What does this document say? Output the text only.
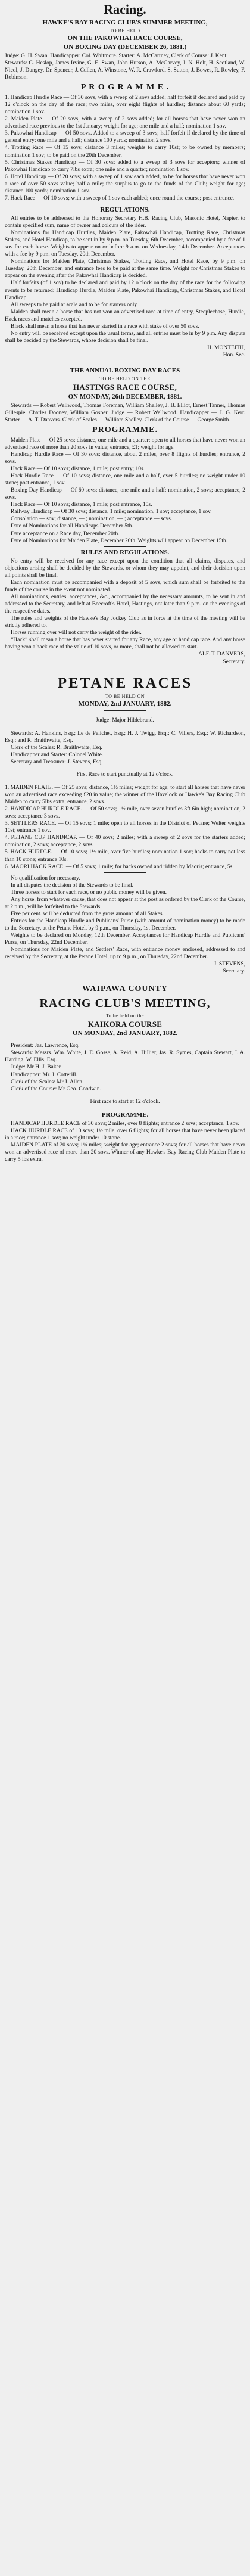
Racing.
HAWKE'S BAY RACING CLUB'S SUMMER MEETING,
TO BE HELD
ON THE PAKOWHAI RACE COURSE,
ON BOXING DAY (DECEMBER 26, 1881.)

Judge: G. H. Swan. Handicapper: Col. Whitmore. Starter: A. McCartney, Clerk of Course: J. Kent.

Stewards: G. Heslop, James Irvine, G. E. Swan, John Hutson, A. McGarvey, J. N. Holt, H. Scotland, W. Nicol, J. Dungey, Dr. Spencer, J. Cullen, A. Winstone, W. R. Crawford, S. Sutton, J. Bowes, R. Rowley, F. Robinson.

P R O G R A M M E .

1. Handicap Hurdle Race — Of 30 sovs, with a sweep of 2 sovs added; half forfeit if declared and paid by 12 o'clock on the day of the race; two miles, over eight flights of hurdles; distance about 60 yards; nomination 1 sov.

2. Maiden Plate — Of 20 sovs, with a sweep of 2 sovs added; for all horses that have never won an advertised race previous to the 1st January; weight for age; one mile and a half; nomination 1 sov.

3. Pakowhai Handicap — Of 50 sovs. Added to a sweep of 3 sovs; half forfeit if declared by the time of general entry; one mile and a half; distance 100 yards; nomination 2 sovs.

4. Trotting Race — Of 15 sovs; distance 3 miles; weights to carry 10st; to be owned by members; nomination 1 sov; to be paid on the 20th December.

5. Christmas Stakes Handicap — Of 30 sovs; added to a sweep of 3 sovs for acceptors; winner of Pakowhai Handicap to carry 7lbs extra; one mile and a quarter; nomination 1 sov.

6. Hotel Handicap — Of 20 sovs; with a sweep of 1 sov each added, to be for horses that have never won a race of over 50 sovs value; half a mile; the surplus to go to the funds of the Club; weight for age; distance 100 yards; nomination 1 sov.

7. Hack Race — Of 10 sovs; with a sweep of 1 sov each added; once round the course; post entrance.

REGULATIONS.

All entries to be addressed to the Honorary Secretary H.B. Racing Club, Masonic Hotel, Napier, to contain specified sum, name of owner and colours of the rider.

Nominations for Handicap Hurdles, Maiden Plate, Pakowhai Handicap, Trotting Race, Christmas Stakes, and Hotel Handicap, to be sent in by 9 p.m. on Tuesday, 6th December, accompanied by a fee of 1 sov for each horse. Weights to appear on or before 9 a.m. on Wednesday, 14th December. Acceptances with a fee by 9 p.m. on Tuesday, 20th December.

Nominations for Maiden Plate, Christmas Stakes, Trotting Race, and Hotel Race, by 9 p.m. on Tuesday, 20th December, and entrance fees to be paid at the same time. Weight for Christmas Stakes to appear on the evening after the Pakowhai Handicap is decided.

Half forfeits (of 1 sov) to be declared and paid by 12 o'clock on the day of the race for the following events to be returned: Handicap Hurdle, Maiden Plate, Pakowhai Handicap, Christmas Stakes, and Hotel Handicap.

All sweeps to be paid at scale and to be for starters only.

Maiden shall mean a horse that has not won an advertised race at time of entry, Steeplechase, Hurdle, Hack races and matches excepted.

Black shall mean a horse that has never started in a race with stake of over 50 sovs.

No entry will be received except upon the usual terms, and all entries must be in by 9 p.m. Any dispute shall be decided by the Stewards, whose decision shall be final.

H. MONTEITH,

Hon. Sec.

THE ANNUAL BOXING DAY RACES
TO BE HELD ON THE
HASTINGS RACE COURSE,
ON MONDAY, 26th DECEMBER, 1881.

Stewards — Robert Wellwood, Thomas Foreman, William Shelley, J. B. Elliot, Ernest Tanner, Thomas Gillespie, Charles Dooney, William Gosper. Judge — Robert Wellwood. Handicapper — J. G. Kerr. Starter — A. T. Danvers. Clerk of Scales — William Shelley. Clerk of the Course — George Smith.

PROGRAMME.

Maiden Plate — Of 25 sovs; distance, one mile and a quarter; open to all horses that have never won an advertised race of more than 20 sovs in value; entrance, £1; weight for age.

Handicap Hurdle Race — Of 30 sovs; distance, about 2 miles, over 8 flights of hurdles; entrance, 2 sovs.

Hack Race — Of 10 sovs; distance, 1 mile; post entry; 10s.

Hack Hurdle Race — Of 10 sovs; distance, one mile and a half, over 5 hurdles; no weight under 10 stone; post entrance, 1 sov.

Boxing Day Handicap — Of 60 sovs; distance, one mile and a half; nomination, 2 sovs; acceptance, 2 sovs.

Hack Race — Of 10 sovs; distance, 1 mile; post entrance, 10s.

Railway Handicap — Of 30 sovs; distance, 1 mile; nomination, 1 sov; acceptance, 1 sov.

Consolation — sov; distance, — ; nomination, — ; acceptance — sovs.

Date of Nominations for all Handicaps December 5th.

Date acceptance on a Race day, December 20th.

Date of Nominations for Maiden Plate, December 20th. Weights will appear on December 15th.

RULES AND REGULATIONS.

No entry will be received for any race except upon the condition that all claims, disputes, and objections arising shall be decided by the Stewards, or whom they may appoint, and their decision upon all points shall be final.

Each nomination must be accompanied with a deposit of 5 sovs, which sum shall be forfeited to the funds of the course in the event not nominated.

All nominations, entries, acceptances, &c., accompanied by the necessary amounts, to be sent in and addressed to the Secretary, and left at Beecroft's Hotel, Hastings, not later than 9 p.m. on the evenings of the respective dates.

The rules and weights of the Hawke's Bay Jockey Club as in force at the time of the meeting will be strictly adhered to.

Horses running over will not carry the weight of the rider.

“Hack” shall mean a horse that has never started for any Race, any age or handicap race. And any horse having won a hack race of the value of 10 sovs, or more, shall not be allowed to start.

ALF. T. DANVERS,

Secretary.

PETANE RACES
TO BE HELD ON
MONDAY, 2nd JANUARY, 1882.

Judge: Major Hildebrand.

Stewards: A. Hankins, Esq.; Le de Pelichet, Esq.; H. J. Twigg, Esq.; C. Villers, Esq.; W. Richardson, Esq.; and R. Braithwaite, Esq.

Clerk of the Scales: R. Braithwaite, Esq.

Handicapper and Starter: Colonel White.

Secretary and Treasurer: J. Stevens, Esq.

First Race to start punctually at 12 o'clock.

1. MAIDEN PLATE. — Of 25 sovs; distance, 1½ miles; weight for age; to start all horses that have never won an advertised race exceeding £20 in value; the winner of the Havelock or Hawke's Bay Racing Club Maiden to carry 5lbs extra; entrance, 2 sovs.

2. HANDICAP HURDLE RACE. — Of 50 sovs; 1½ mile, over seven hurdles 3ft 6in high; nomination, 2 sovs; acceptance 3 sovs.

3. SETTLERS RACE. — Of 15 sovs; 1 mile; open to all horses in the District of Petane; Welter weights 10st; entrance 1 sov.

4. PETANE CUP HANDICAP. — Of 40 sovs; 2 miles; with a sweep of 2 sovs for the starters added; nomination, 2 sovs; acceptance, 2 sovs.

5. HACK HURDLE. — Of 10 sovs; 1½ mile, over five hurdles; nomination 1 sov; hacks to carry not less than 10 stone; entrance 10s.

6. MAORI HACK RACE. — Of 5 sovs; 1 mile; for hacks owned and ridden by Maoris; entrance, 5s.

No qualification for necessary.

In all disputes the decision of the Stewards to be final.

Three horses to start for each race, or no public money will be given.

Any horse, from whatever cause, that does not appear at the post as ordered by the Clerk of the Course, at 2 p.m., will be forfeited to the Stewards.

Five per cent. will be deducted from the gross amount of all Stakes.

Entries for the Handicap Hurdle and Publicans' Purse (with amount of nomination money) to be made to the Secretary, at the Petane Hotel, by 9 p.m., on Thursday, 1st December.

Weights to be declared on Monday, 12th December. Acceptances for Handicap Hurdle and Publicans' Purse, on Thursday, 22nd December.

Nominations for Maiden Plate, and Settlers' Race, with entrance money enclosed, addressed to and received by the Secretary, at the Petane Hotel, up to 9 p.m., on Thursday, 22nd December.

J. STEVENS,

Secretary.

WAIPAWA COUNTY
RACING CLUB'S MEETING,
To be held on the
KAIKORA COURSE
ON MONDAY, 2nd JANUARY, 1882.

President: Jas. Lawrence, Esq.

Stewards: Messrs. Wm. White, J. E. Gosse, A. Reid, A. Hillier, Jas. R. Symes, Captain Stewart, J. A. Harding, W. Ellis, Esq.

Judge: Mr H. J. Baker.

Handicapper: Mr. J. Cotterill.

Clerk of the Scales: Mr J. Allen.

Clerk of the Course: Mr Geo. Goodwin.

First race to start at 12 o'clock.

PROGRAMME.

HANDICAP HURDLE RACE of 30 sovs; 2 miles, over 8 flights; entrance 2 sovs; acceptance, 1 sov.

HACK HURDLE RACE of 10 sovs; 1½ mile, over 6 flights; for all horses that have never been placed in a race; entrance 1 sov; no weight under 10 stone.

MAIDEN PLATE of 20 sovs; 1¼ miles; weight for age; entrance 2 sovs; for all horses that have never won an advertised race of more than 20 sovs. Winner of any Hawke's Bay Racing Club Maiden Plate to carry 5 lbs extra.
